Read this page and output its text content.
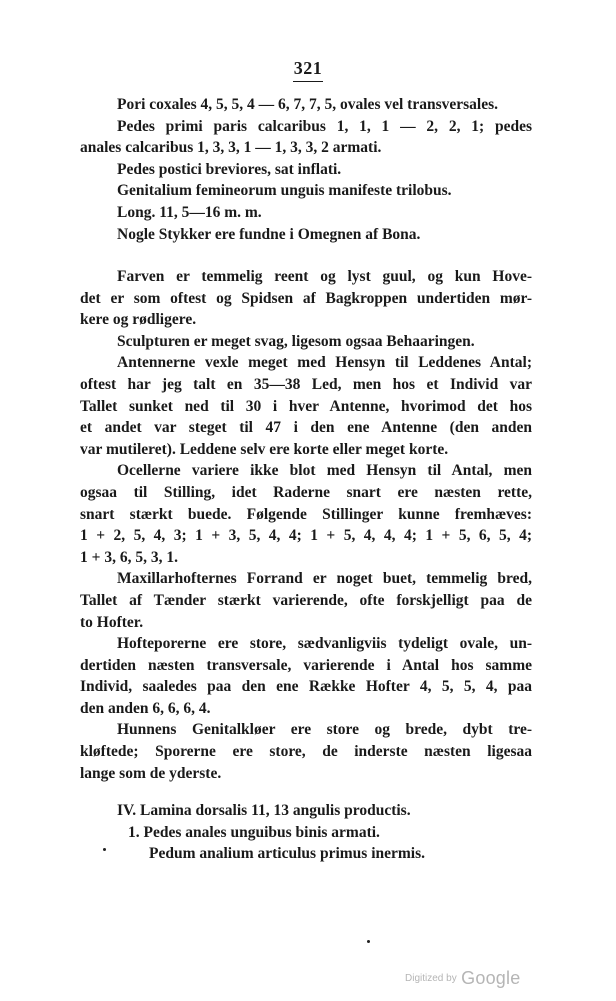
321
Pori coxales 4, 5, 5, 4 — 6, 7, 7, 5, ovales vel transversales.
Pedes primi paris calcaribus 1, 1, 1 — 2, 2, 1; pedes
anales calcaribus 1, 3, 3, 1 — 1, 3, 3, 2 armati.
Pedes postici breviores, sat inflati.
Genitalium femineorum unguis manifeste trilobus.
Long. 11, 5—16 m. m.
Nogle Stykker ere fundne i Omegnen af Bona.
Farven er temmelig reent og lyst guul, og kun Hove-
det er som oftest og Spidsen af Bagkroppen undertiden mør-
kere og rødligere.
Sculpturen er meget svag, ligesom ogsaa Behaaringen.
Antennerne vexle meget med Hensyn til Leddenes Antal;
oftest har jeg talt en 35—38 Led, men hos et Individ var
Tallet sunket ned til 30 i hver Antenne, hvorimod det hos
et andet var steget til 47 i den ene Antenne (den anden
var mutileret). Leddene selv ere korte eller meget korte.
Ocellerne variere ikke blot med Hensyn til Antal, men
ogsaa til Stilling, idet Raderne snart ere næsten rette,
snart stærkt buede. Følgende Stillinger kunne fremhæves:
1 + 2, 5, 4, 3; 1 + 3, 5, 4, 4; 1 + 5, 4, 4, 4; 1 + 5, 6, 5, 4;
1 + 3, 6, 5, 3, 1.
Maxillarhofternes Forrand er noget buet, temmelig bred,
Tallet af Tænder stærkt varierende, ofte forskjelligt paa de
to Hofter.
Hofteporerne ere store, sædvanligviis tydeligt ovale, un-
dertiden næsten transversale, varierende i Antal hos samme
Individ, saaledes paa den ene Række Hofter 4, 5, 5, 4, paa
den anden 6, 6, 6, 4.
Hunnens Genitalkløer ere store og brede, dybt tre-
kløftede; Sporerne ere store, de inderste næsten ligesaa
lange som de yderste.
IV. Lamina dorsalis 11, 13 angulis productis.
1. Pedes anales unguibus binis armati.
Pedum analium articulus primus inermis.
Digitized by Google
